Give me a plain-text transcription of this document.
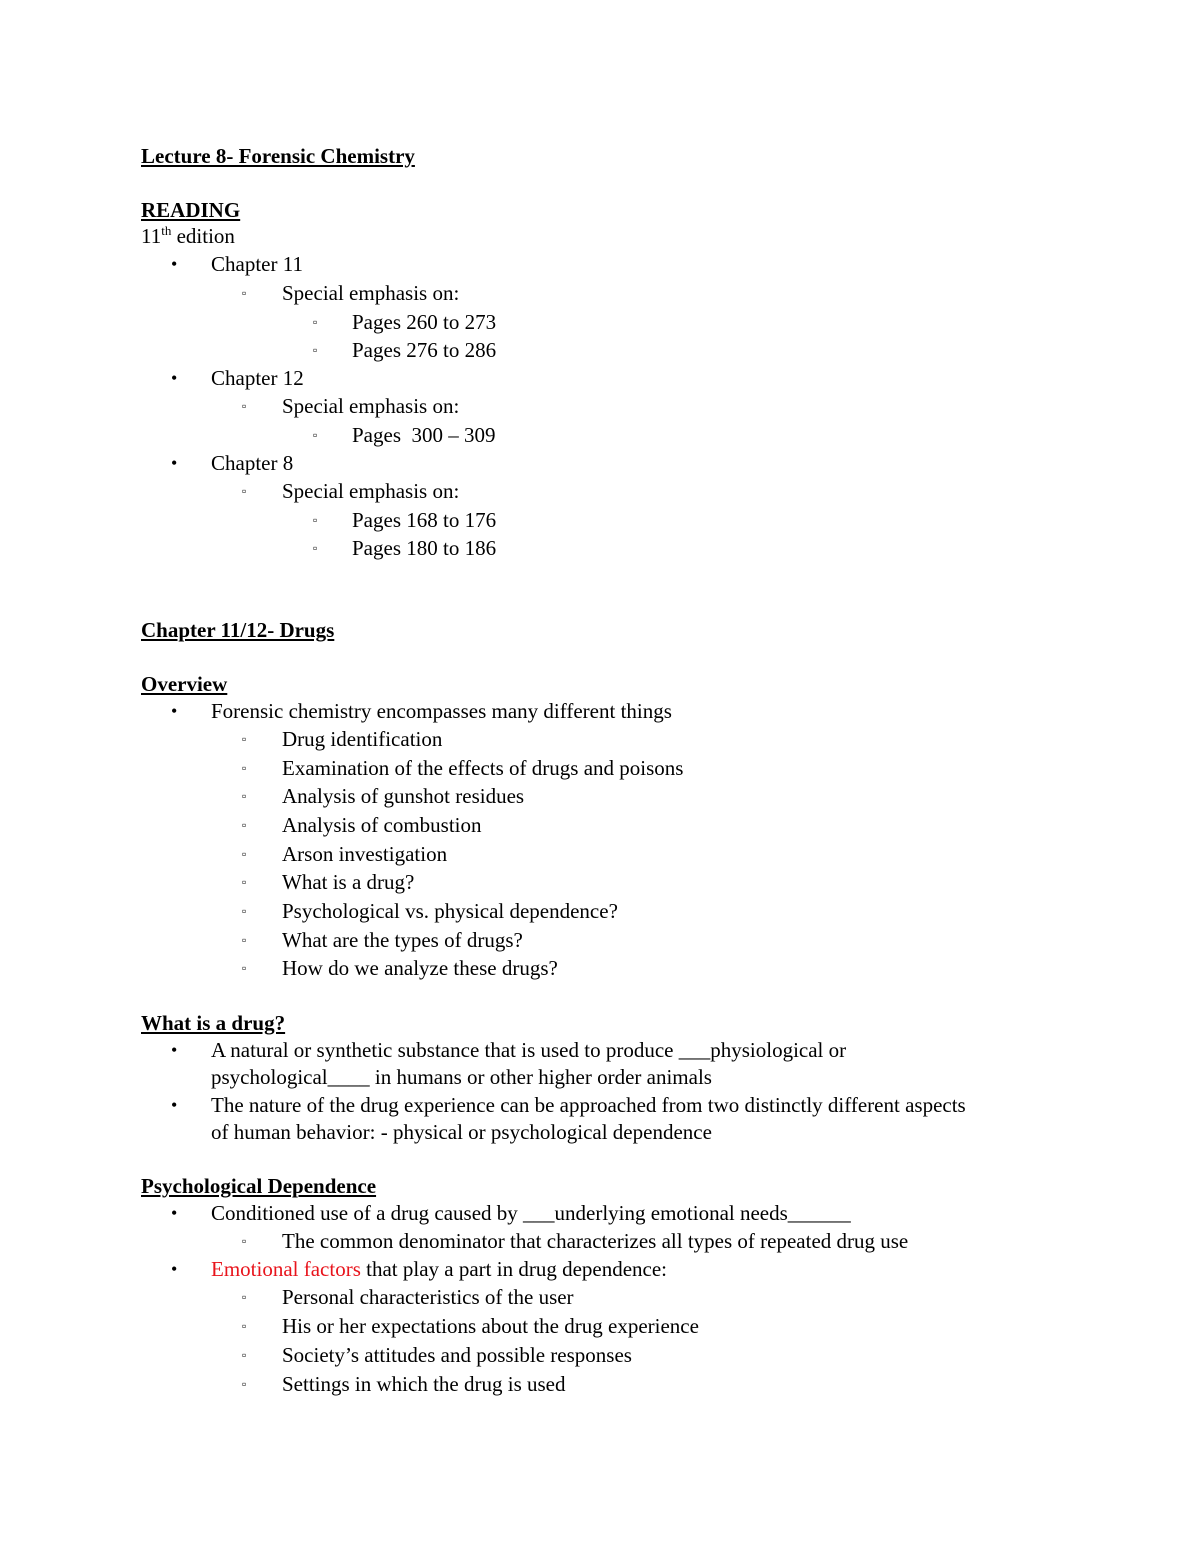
Lecture 8- Forensic Chemistry
READING
11th edition
• Chapter 11
▫ Special emphasis on:
▫ Pages 260 to 273
▫ Pages 276 to 286
• Chapter 12
▫ Special emphasis on:
▫ Pages  300 – 309
• Chapter 8
▫ Special emphasis on:
▫ Pages 168 to 176
▫ Pages 180 to 186
Chapter 11/12- Drugs
Overview
• Forensic chemistry encompasses many different things
▫ Drug identification
▫ Examination of the effects of drugs and poisons
▫ Analysis of gunshot residues
▫ Analysis of combustion
▫ Arson investigation
▫ What is a drug?
▫ Psychological vs. physical dependence?
▫ What are the types of drugs?
▫ How do we analyze these drugs?
What is a drug?
• A natural or synthetic substance that is used to produce ___physiological or
psychological____ in humans or other higher order animals
• The nature of the drug experience can be approached from two distinctly different aspects
of human behavior: - physical or psychological dependence
Psychological Dependence
• Conditioned use of a drug caused by ___underlying emotional needs______
▫ The common denominator that characterizes all types of repeated drug use
• Emotional factors that play a part in drug dependence:
▫ Personal characteristics of the user
▫ His or her expectations about the drug experience
▫ Society’s attitudes and possible responses
▫ Settings in which the drug is used
